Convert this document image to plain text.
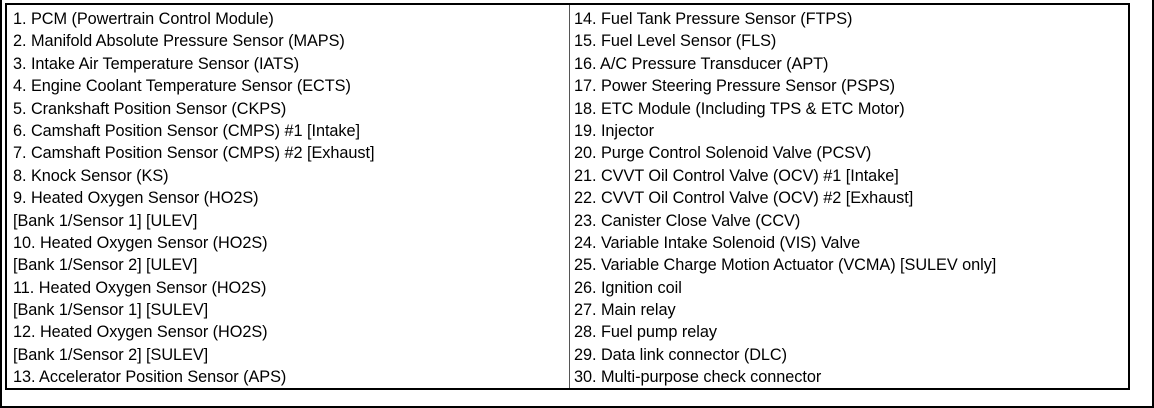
1. PCM (Powertrain Control Module)
2. Manifold Absolute Pressure Sensor (MAPS)
3. Intake Air Temperature Sensor (IATS)
4. Engine Coolant Temperature Sensor (ECTS)
5. Crankshaft Position Sensor (CKPS)
6. Camshaft Position Sensor (CMPS) #1 [Intake]
7. Camshaft Position Sensor (CMPS) #2 [Exhaust]
8. Knock Sensor (KS)
9. Heated Oxygen Sensor (HO2S)
[Bank 1/Sensor 1] [ULEV]
10. Heated Oxygen Sensor (HO2S)
[Bank 1/Sensor 2] [ULEV]
11. Heated Oxygen Sensor (HO2S)
[Bank 1/Sensor 1] [SULEV]
12. Heated Oxygen Sensor (HO2S)
[Bank 1/Sensor 2] [SULEV]
13. Accelerator Position Sensor (APS)
14. Fuel Tank Pressure Sensor (FTPS)
15. Fuel Level Sensor (FLS)
16. A/C Pressure Transducer (APT)
17. Power Steering Pressure Sensor (PSPS)
18. ETC Module (Including TPS & ETC Motor)
19. Injector
20. Purge Control Solenoid Valve (PCSV)
21. CVVT Oil Control Valve (OCV) #1 [Intake]
22. CVVT Oil Control Valve (OCV) #2 [Exhaust]
23. Canister Close Valve (CCV)
24. Variable Intake Solenoid (VIS) Valve
25. Variable Charge Motion Actuator (VCMA) [SULEV only]
26. Ignition coil
27. Main relay
28. Fuel pump relay
29. Data link connector (DLC)
30. Multi-purpose check connector
